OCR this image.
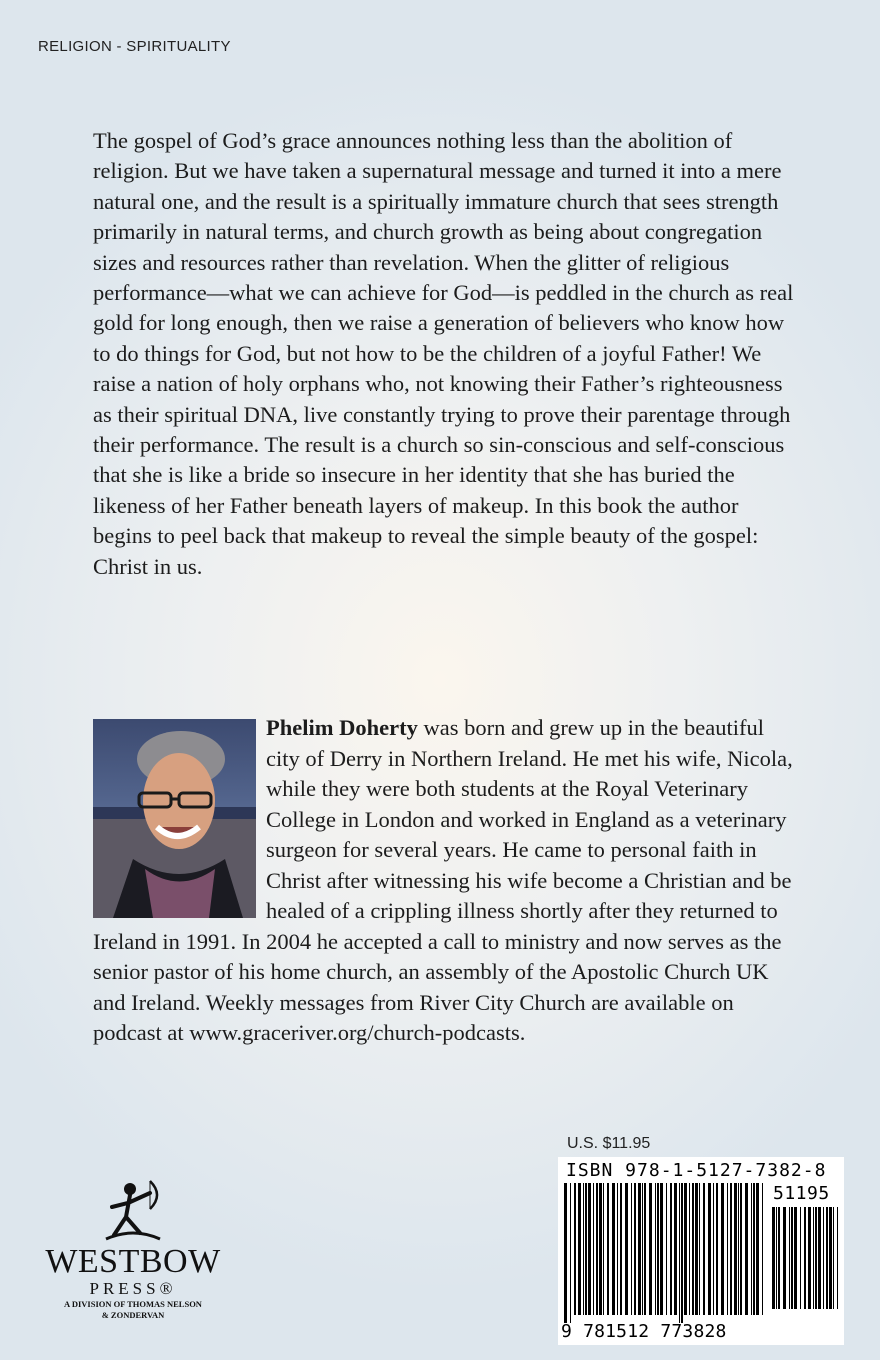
RELIGION - SPIRITUALITY

The gospel of God’s grace announces nothing less than the abolition of religion. But we have taken a supernatural message and turned it into a mere natural one, and the result is a spiritually immature church that sees strength primarily in natural terms, and church growth as being about congregation sizes and resources rather than revelation. When the glitter of religious performance—what we can achieve for God—is peddled in the church as real gold for long enough, then we raise a generation of believers who know how to do things for God, but not how to be the children of a joyful Father! We raise a nation of holy orphans who, not knowing their Father’s righteousness as their spiritual DNA, live constantly trying to prove their parentage through their performance. The result is a church so sin-conscious and self-conscious that she is like a bride so insecure in her identity that she has buried the likeness of her Father beneath layers of makeup. In this book the author begins to peel back that makeup to reveal the simple beauty of the gospel: Christ in us.

Phelim Doherty was born and grew up in the beautiful city of Derry in Northern Ireland. He met his wife, Nicola, while they were both students at the Royal Veterinary College in London and worked in England as a veterinary surgeon for several years. He came to personal faith in Christ after witnessing his wife become a Christian and be healed of a crippling illness shortly after they returned to Ireland in 1991. In 2004 he accepted a call to ministry and now serves as the senior pastor of his home church, an assembly of the Apostolic Church UK and Ireland. Weekly messages from River City Church are available on podcast at www.graceriver.org/church-podcasts.

U.S. $11.95
ISBN 978-1-5127-7382-8
51195
9 781512 773828
WESTBOW
PRESS®
A DIVISION OF THOMAS NELSON
& ZONDERVAN
